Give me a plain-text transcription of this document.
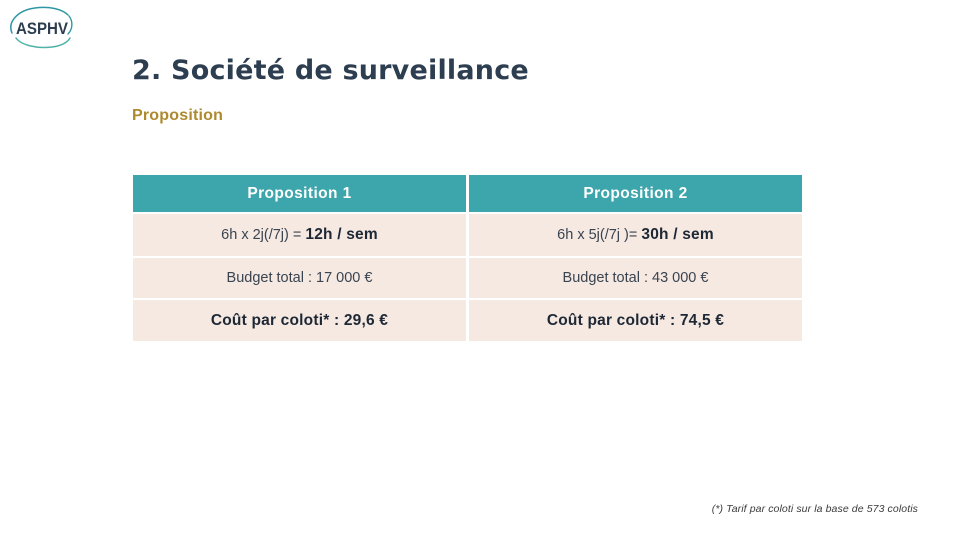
ASPHV
2. Société de surveillance
Proposition
Proposition 1	Proposition 2
6h x 2j(/7j) = 12h / sem	6h x 5j(/7j )= 30h / sem
Budget total : 17 000 €	Budget total : 43 000 €
Coût par coloti* : 29,6 €	Coût par coloti* : 74,5 €
(*) Tarif par coloti sur la base de 573 colotis
